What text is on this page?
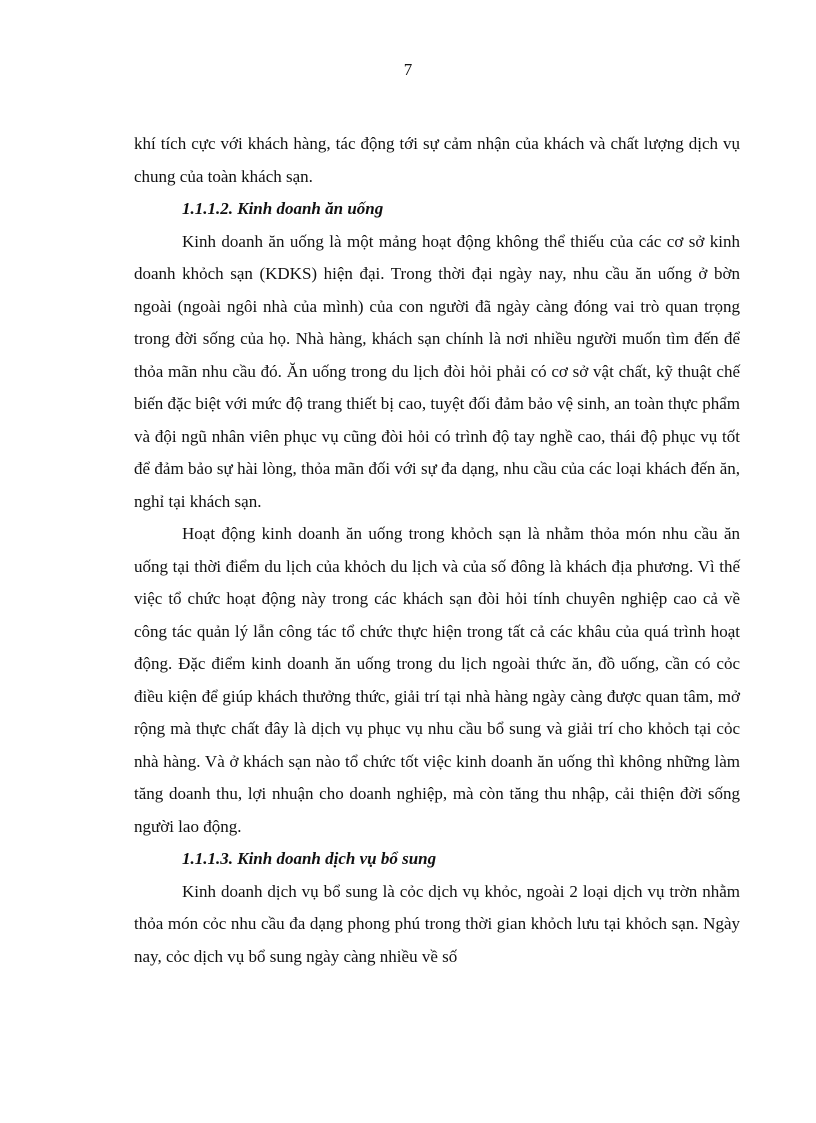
7

khí tích cực với khách hàng, tác động tới sự cảm nhận của khách và chất lượng dịch vụ chung của toàn khách sạn.

1.1.1.2. Kinh doanh ăn uống

Kinh doanh ăn uống là một mảng hoạt động không thể thiếu của các cơ sở kinh doanh khỏch sạn (KDKS) hiện đại. Trong thời đại ngày nay, nhu cầu ăn uống ở bờn ngoài (ngoài ngôi nhà của mình) của con người đã ngày càng đóng vai trò quan trọng trong đời sống của họ. Nhà hàng, khách sạn chính là nơi nhiều người muốn tìm đến để thỏa mãn nhu cầu đó. Ăn uống trong du lịch đòi hỏi phải có cơ sở vật chất, kỹ thuật chế biến đặc biệt với mức độ trang thiết bị cao, tuyệt đối đảm bảo vệ sinh, an toàn thực phẩm và đội ngũ nhân viên phục vụ cũng đòi hỏi có trình độ tay nghề cao, thái độ phục vụ tốt để đảm bảo sự hài lòng, thỏa mãn đối với sự đa dạng, nhu cầu của các loại khách đến ăn, nghỉ tại khách sạn.

Hoạt động kinh doanh ăn uống trong khỏch sạn là nhằm thỏa món nhu cầu ăn uống tại thời điểm du lịch của khỏch du lịch và của số đông là khách địa phương. Vì thế việc tổ chức hoạt động này trong các khách sạn đòi hỏi tính chuyên nghiệp cao cả về công tác quản lý lẫn công tác tổ chức thực hiện trong tất cả các khâu của quá trình hoạt động. Đặc điểm kinh doanh ăn uống trong du lịch ngoài thức ăn, đồ uống, cần có cỏc điều kiện để giúp khách thưởng thức, giải trí tại nhà hàng ngày càng được quan tâm, mở rộng mà thực chất đây là dịch vụ phục vụ nhu cầu bổ sung và giải trí cho khỏch tại cỏc nhà hàng. Và ở khách sạn nào tổ chức tốt việc kinh doanh ăn uống thì không những làm tăng doanh thu, lợi nhuận cho doanh nghiệp, mà còn tăng thu nhập, cải thiện đời sống người lao động.

1.1.1.3. Kinh doanh dịch vụ bổ sung

Kinh doanh dịch vụ bổ sung là cỏc dịch vụ khỏc, ngoài 2 loại dịch vụ trờn nhằm thỏa món cỏc nhu cầu đa dạng phong phú trong thời gian khỏch lưu tại khỏch sạn. Ngày nay, cỏc dịch vụ bổ sung ngày càng nhiều về số
